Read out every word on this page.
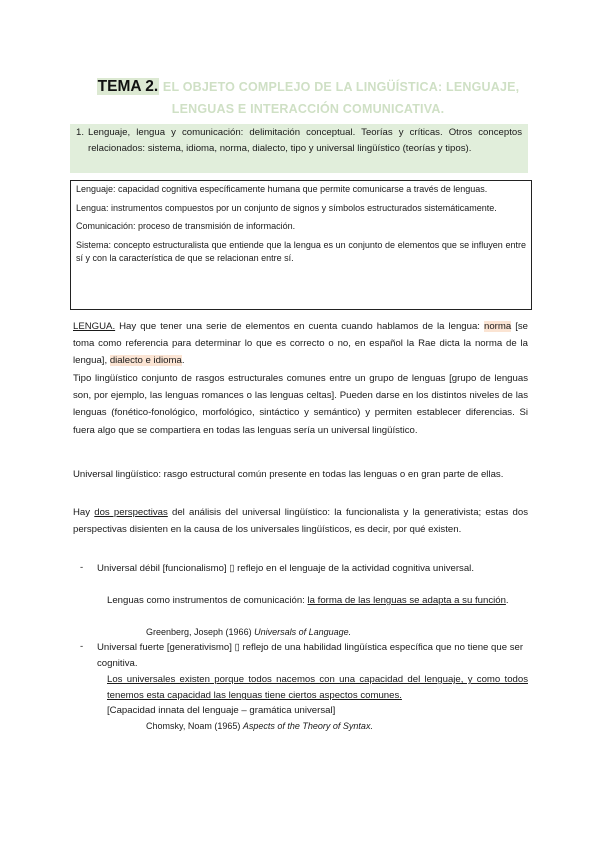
TEMA 2. EL OBJETO COMPLEJO DE LA LINGÜÍSTICA: LENGUAJE,
LENGUAS E INTERACCIÓN COMUNICATIVA.
1. Lenguaje, lengua y comunicación: delimitación conceptual. Teorías y críticas. Otros conceptos relacionados: sistema, idioma, norma, dialecto, tipo y universal lingüístico (teorías y tipos).

Lenguaje: capacidad cognitiva específicamente humana que permite comunicarse a través de lenguas.

Lengua: instrumentos compuestos por un conjunto de signos y símbolos estructurados sistemáticamente.

Comunicación: proceso de transmisión de información.

Sistema: concepto estructuralista que entiende que la lengua es un conjunto de elementos que se influyen entre sí y con la característica de que se relacionan entre sí.

LENGUA. Hay que tener una serie de elementos en cuenta cuando hablamos de la lengua: norma [se toma como referencia para determinar lo que es correcto o no, en español la Rae dicta la norma de la lengua], dialecto e idioma.

Tipo lingüístico conjunto de rasgos estructurales comunes entre un grupo de lenguas [grupo de lenguas son, por ejemplo, las lenguas romances o las lenguas celtas]. Pueden darse en los distintos niveles de las lenguas (fonético-fonológico, morfológico, sintáctico y semántico) y permiten establecer diferencias. Si fuera algo que se compartiera en todas las lenguas sería un universal lingüístico.

Universal lingüístico: rasgo estructural común presente en todas las lenguas o en gran parte de ellas.

Hay dos perspectivas del análisis del universal lingüístico: la funcionalista y la generativista; estas dos perspectivas disienten en la causa de los universales lingüísticos, es decir, por qué existen.

- Universal débil [funcionalismo] ▯ reflejo en el lenguaje de la actividad cognitiva universal.

Lenguas como instrumentos de comunicación: la forma de las lenguas se adapta a su función.

Greenberg, Joseph (1966) Universals of Language.

- Universal fuerte [generativismo] ▯ reflejo de una habilidad lingüística específica que no tiene que ser cognitiva.

Los universales existen porque todos nacemos con una capacidad del lenguaje, y como todos tenemos esta capacidad las lenguas tiene ciertos aspectos comunes.

[Capacidad innata del lenguaje – gramática universal]

Chomsky, Noam (1965) Aspects of the Theory of Syntax.
